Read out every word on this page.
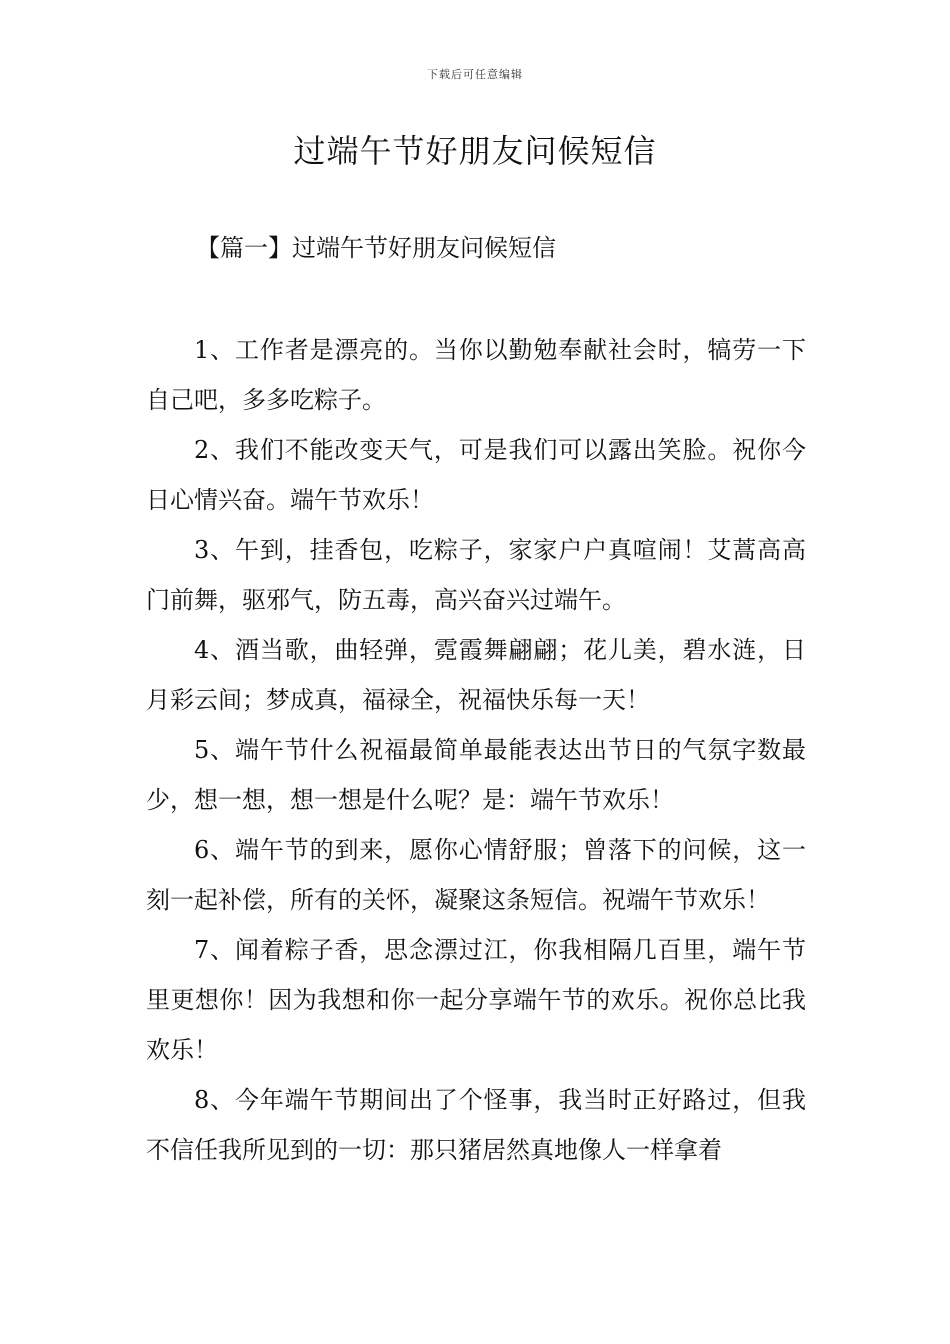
下载后可任意编辑
过端午节好朋友问候短信
【篇一】过端午节好朋友问候短信

1、工作者是漂亮的。当你以勤勉奉献社会时，犒劳一下自己吧，多多吃粽子。

2、我们不能改变天气，可是我们可以露出笑脸。祝你今日心情兴奋。端午节欢乐！

3、午到，挂香包，吃粽子，家家户户真喧闹！艾蒿高高门前舞，驱邪气，防五毒，高兴奋兴过端午。

4、酒当歌，曲轻弹，霓霞舞翩翩；花儿美，碧水涟，日月彩云间；梦成真，福禄全，祝福快乐每一天！

5、端午节什么祝福最简单最能表达出节日的气氛字数最少，想一想，想一想是什么呢？是：端午节欢乐！

6、端午节的到来，愿你心情舒服；曾落下的问候，这一刻一起补偿，所有的关怀，凝聚这条短信。祝端午节欢乐！

7、闻着粽子香，思念漂过江，你我相隔几百里，端午节里更想你！因为我想和你一起分享端午节的欢乐。祝你总比我欢乐！

8、今年端午节期间出了个怪事，我当时正好路过，但我不信任我所见到的一切：那只猪居然真地像人一样拿着
